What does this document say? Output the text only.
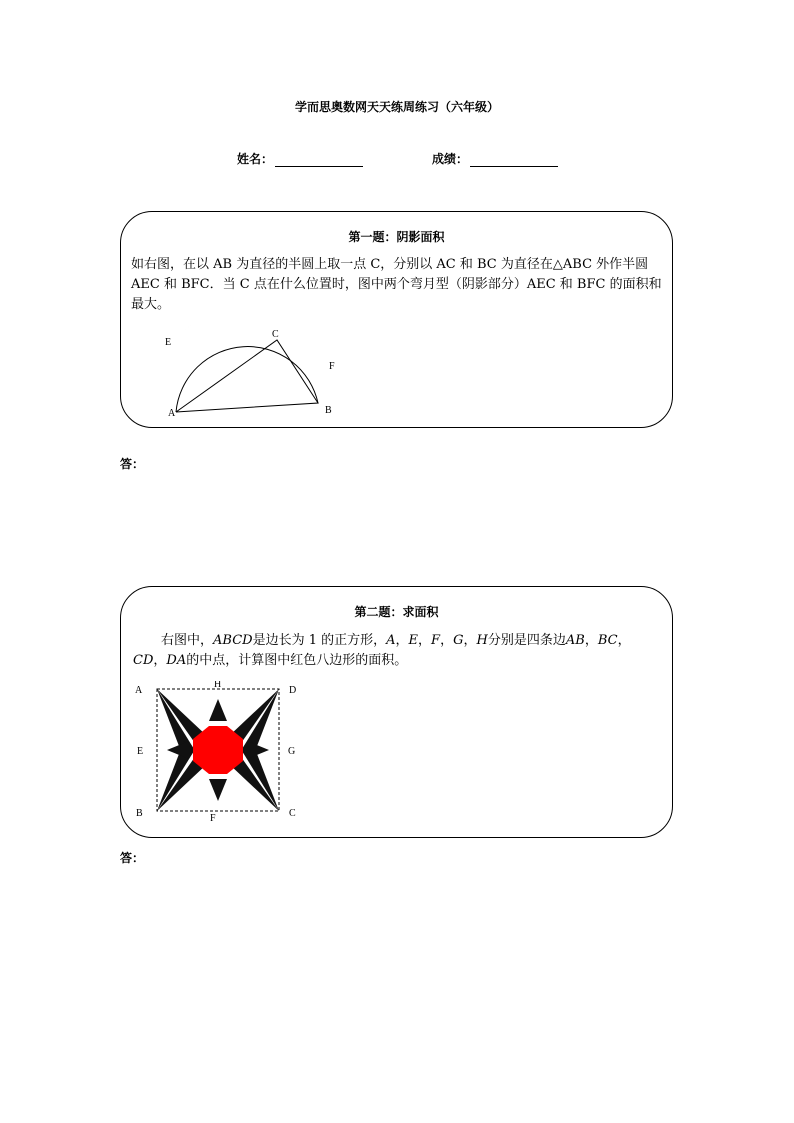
学而思奥数网天天练周练习（六年级）
姓名：	成绩：
第一题：阴影面积
如右图，在以 AB 为直径的半圆上取一点 C，分别以 AC 和 BC 为直径在△ABC 外作半圆 AEC 和 BFC．当 C 点在什么位置时，图中两个弯月型（阴影部分）AEC 和 BFC 的面积和最大。
E
C
F
A	B
答：
第二题：求面积
右图中，ABCD是边长为 1 的正方形，A，E，F，G，H分别是四条边AB，BC，CD，DA的中点，计算图中红色八边形的面积。
A
H
D
E	G
B	F	C
答：
